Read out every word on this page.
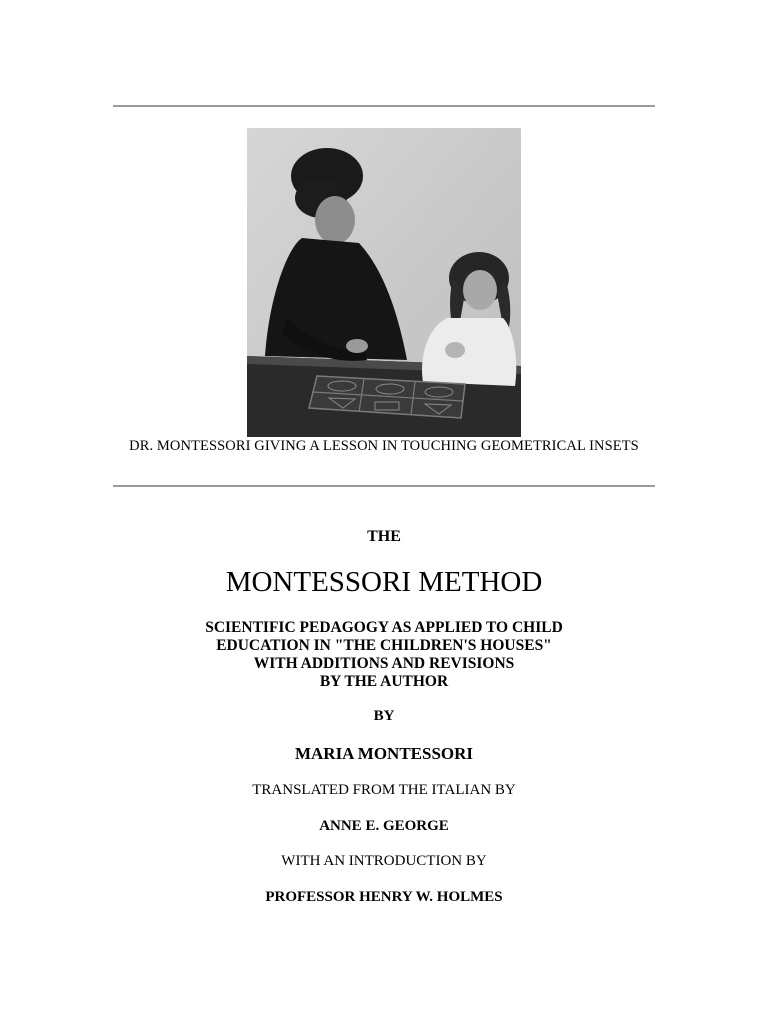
DR. MONTESSORI GIVING A LESSON IN TOUCHING GEOMETRICAL INSETS
THE
MONTESSORI METHOD
SCIENTIFIC PEDAGOGY AS APPLIED TO CHILD
EDUCATION IN "THE CHILDREN'S HOUSES"
WITH ADDITIONS AND REVISIONS
BY THE AUTHOR
BY
MARIA MONTESSORI
TRANSLATED FROM THE ITALIAN BY
ANNE E. GEORGE
WITH AN INTRODUCTION BY
PROFESSOR HENRY W. HOLMES
